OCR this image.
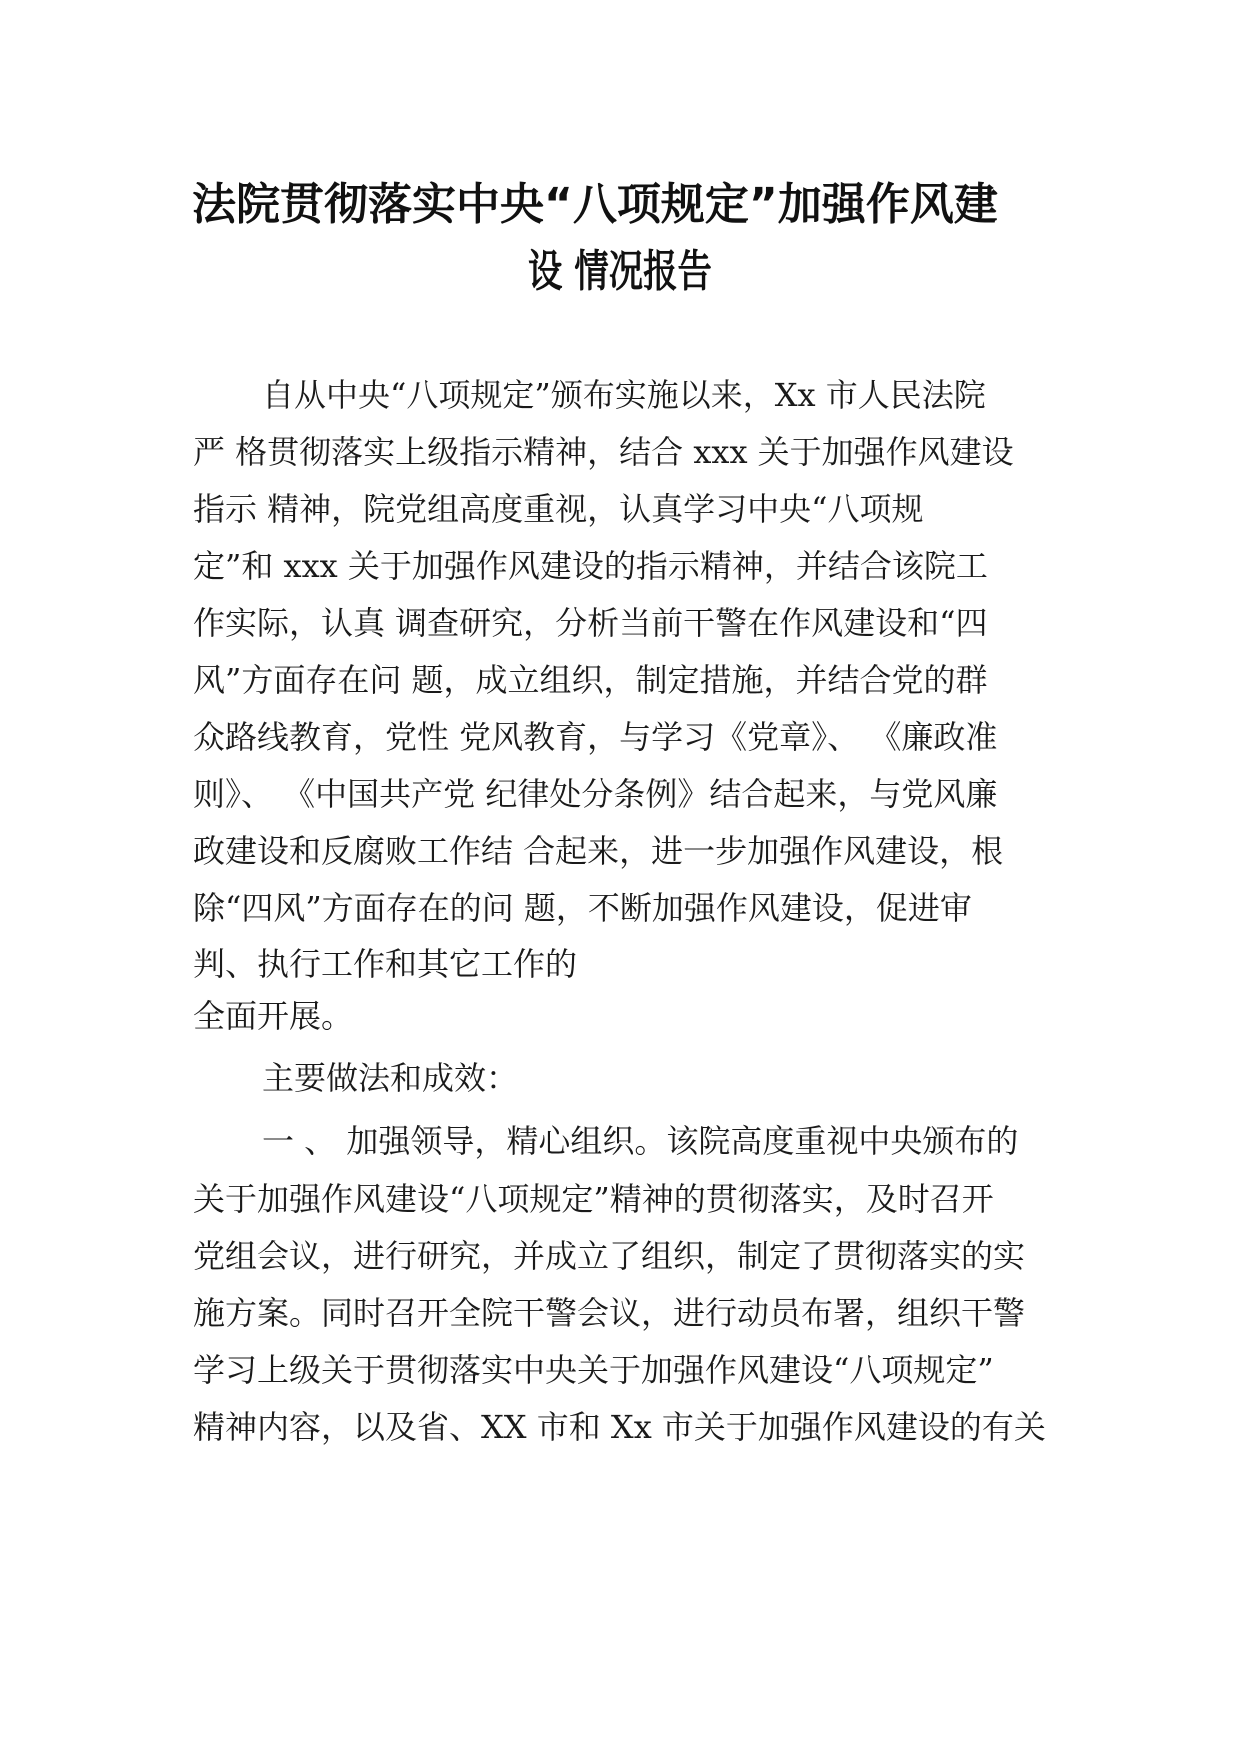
法院贯彻落实中央“八项规定”加强作风建
设 情况报告
自从中央“八项规定”颁布实施以来，Xx 市人民法院
严 格贯彻落实上级指示精神，结合 xxx 关于加强作风建设
指示 精神，院党组高度重视，认真学习中央“八项规
定”和 xxx 关于加强作风建设的指示精神，并结合该院工
作实际，认真 调查研究，分析当前干警在作风建设和“四
风”方面存在问 题，成立组织，制定措施，并结合党的群
众路线教育，党性 党风教育，与学习《党章》、 《廉政准
则》、 《中国共产党 纪律处分条例》结合起来，与党风廉
政建设和反腐败工作结 合起来，进一步加强作风建设，根
除“四风”方面存在的问 题，不断加强作风建设，促进审
判、执行工作和其它工作的
全面开展。
主要做法和成效：
一 、 加强领导，精心组织。该院高度重视中央颁布的
关于加强作风建设“八项规定”精神的贯彻落实，及时召开
党组会议，进行研究，并成立了组织，制定了贯彻落实的实
施方案。同时召开全院干警会议，进行动员布署，组织干警
学习上级关于贯彻落实中央关于加强作风建设“八项规定”
精神内容，以及省、XX 市和 Xx 市关于加强作风建设的有关
